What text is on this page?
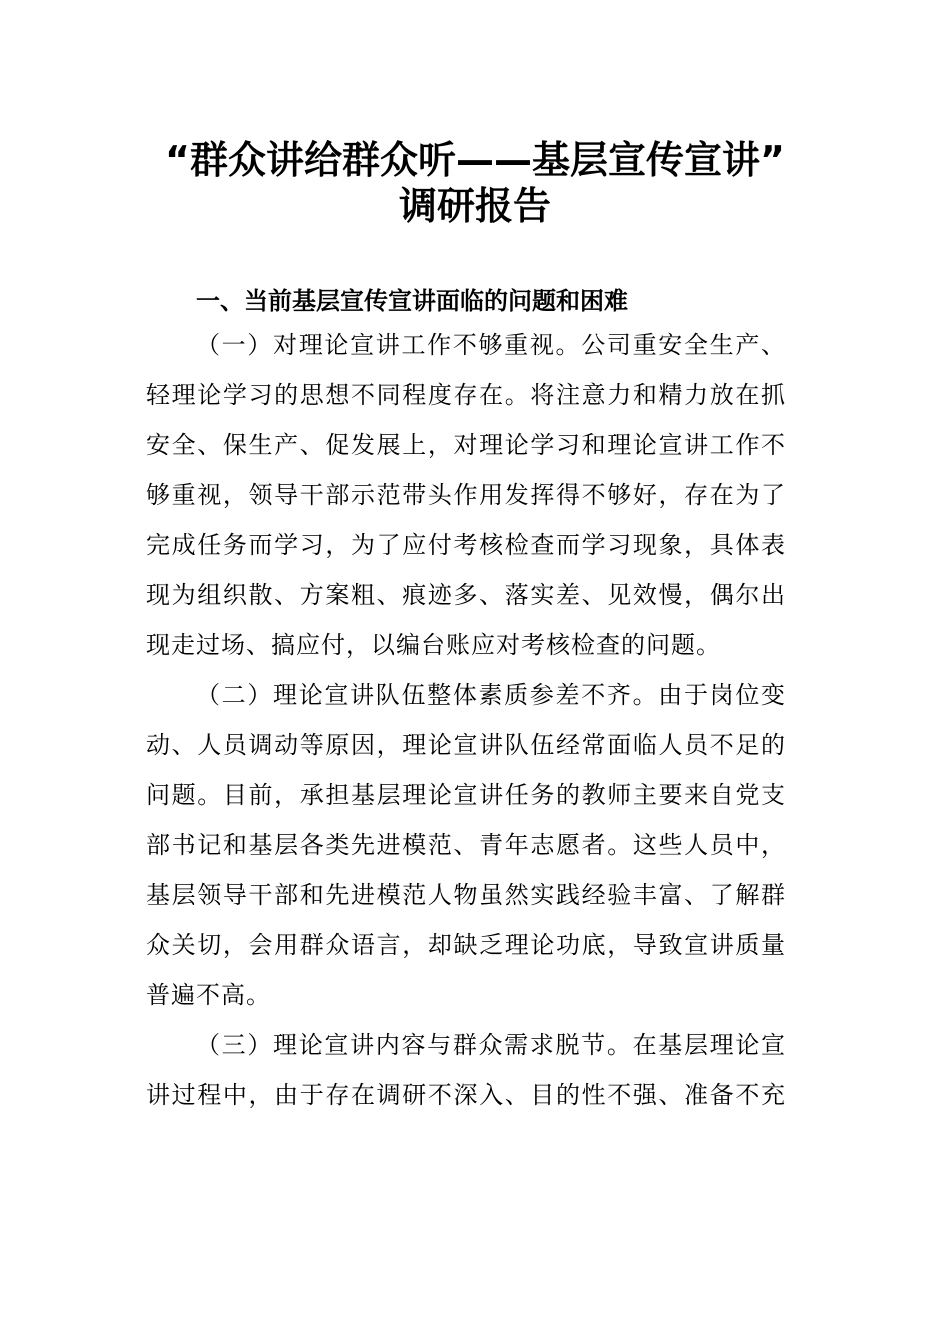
“群众讲给群众听——基层宣传宣讲”
调研报告
一、当前基层宣传宣讲面临的问题和困难
（一）对理论宣讲工作不够重视。公司重安全生产、
轻理论学习的思想不同程度存在。将注意力和精力放在抓
安全、保生产、促发展上，对理论学习和理论宣讲工作不
够重视，领导干部示范带头作用发挥得不够好，存在为了
完成任务而学习，为了应付考核检查而学习现象，具体表
现为组织散、方案粗、痕迹多、落实差、见效慢，偶尔出
现走过场、搞应付，以编台账应对考核检查的问题。
（二）理论宣讲队伍整体素质参差不齐。由于岗位变
动、人员调动等原因，理论宣讲队伍经常面临人员不足的
问题。目前，承担基层理论宣讲任务的教师主要来自党支
部书记和基层各类先进模范、青年志愿者。这些人员中，
基层领导干部和先进模范人物虽然实践经验丰富、了解群
众关切，会用群众语言，却缺乏理论功底，导致宣讲质量
普遍不高。
（三）理论宣讲内容与群众需求脱节。在基层理论宣
讲过程中，由于存在调研不深入、目的性不强、准备不充
